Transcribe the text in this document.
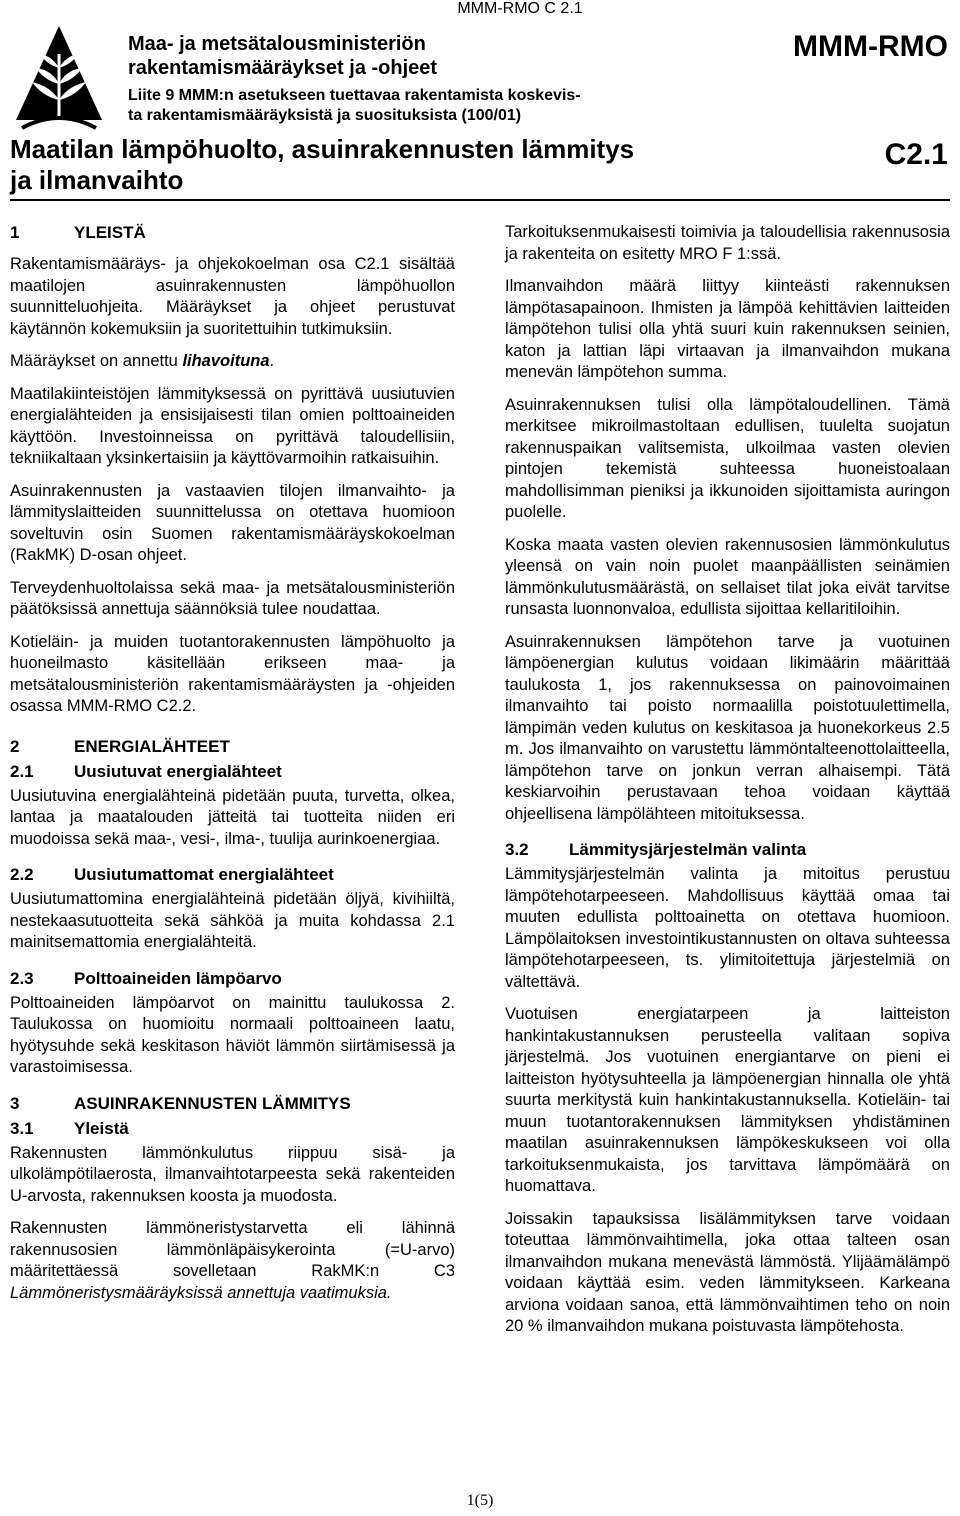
MMM-RMO C 2.1
Maa- ja metsätalousministeriön
rakentamismääräykset ja -ohjeet
Liite 9 MMM:n asetukseen tuettavaa rakentamista koskevis-
ta rakentamismääräyksistä ja suosituksista (100/01)
MMM-RMO
C2.1
Maatilan lämpöhuolto, asuinrakennusten lämmitys
ja ilmanvaihto
1	YLEISTÄ

Rakentamismääräys- ja ohjekokoelman osa C2.1 sisältää maatilojen asuinrakennusten lämpöhuollon suunnitteluohjeita. Määräykset ja ohjeet perustuvat käytännön kokemuksiin ja suoritettuihin tutkimuksiin.

Määräykset on annettu lihavoituna.

Maatilakiinteistöjen lämmityksessä on pyrittävä uusiutuvien energialähteiden ja ensisijaisesti tilan omien polttoaineiden käyttöön. Investoinneissa on pyrittävä taloudellisiin, tekniikaltaan yksinkertaisiin ja käyttövarmoihin ratkaisuihin.

Asuinrakennusten ja vastaavien tilojen ilmanvaihto- ja lämmityslaitteiden suunnittelussa on otettava huomioon soveltuvin osin Suomen rakentamismääräyskokoelman (RakMK) D-osan ohjeet.

Terveydenhuoltolaissa sekä maa- ja metsätalousministeriön päätöksissä annettuja säännöksiä tulee noudattaa.

Kotieläin- ja muiden tuotantorakennusten lämpöhuolto ja huoneilmasto käsitellään erikseen maa- ja metsätalousministeriön rakentamismääräysten ja -ohjeiden osassa MMM-RMO C2.2.

2	ENERGIALÄHTEET
2.1 Uusiutuvat energialähteet

Uusiutuvina energialähteinä pidetään puuta, turvetta, olkea, lantaa ja maatalouden jätteitä tai tuotteita niiden eri muodoissa sekä maa-, vesi-, ilma-, tuulija aurinkoenergiaa.

2.2 Uusiutumattomat energialähteet

Uusiutumattomina energialähteinä pidetään öljyä, kivihiiltä, nestekaasutuotteita sekä sähköä ja muita kohdassa 2.1 mainitsemattomia energialähteitä.

2.3 Polttoaineiden lämpöarvo

Polttoaineiden lämpöarvot on mainittu taulukossa 2. Taulukossa on huomioitu normaali polttoaineen laatu, hyötysuhde sekä keskitason häviöt lämmön siirtämisessä ja varastoimisessa.

3	ASUINRAKENNUSTEN LÄMMITYS
3.1 Yleistä

Rakennusten lämmönkulutus riippuu sisä- ja ulkolämpötilaerosta, ilmanvaihtotarpeesta sekä rakenteiden U-arvosta, rakennuksen koosta ja muodosta.

Rakennusten lämmöneristystarvetta eli lähinnä rakennusosien lämmönläpäisykerointa (=U-arvo) määritettäessä sovelletaan RakMK:n C3 Lämmöneristysmääräyksissä annettuja vaatimuksia.

Tarkoituksenmukaisesti toimivia ja taloudellisia rakennusosia ja rakenteita on esitetty MRO F 1:ssä.

Ilmanvaihdon määrä liittyy kiinteästi rakennuksen lämpötasapainoon. Ihmisten ja lämpöä kehittävien laitteiden lämpötehon tulisi olla yhtä suuri kuin rakennuksen seinien, katon ja lattian läpi virtaavan ja ilmanvaihdon mukana menevän lämpötehon summa.

Asuinrakennuksen tulisi olla lämpötaloudellinen. Tämä merkitsee mikroilmastoltaan edullisen, tuulelta suojatun rakennuspaikan valitsemista, ulkoilmaa vasten olevien pintojen tekemistä suhteessa huoneistoalaan mahdollisimman pieniksi ja ikkunoiden sijoittamista auringon puolelle.

Koska maata vasten olevien rakennusosien lämmönkulutus yleensä on vain noin puolet maanpäällisten seinämien lämmönkulutusmäärästä, on sellaiset tilat joka eivät tarvitse runsasta luonnonvaloa, edullista sijoittaa kellaritiloihin.

Asuinrakennuksen lämpötehon tarve ja vuotuinen lämpöenergian kulutus voidaan likimäärin määrittää taulukosta 1, jos rakennuksessa on painovoimainen ilmanvaihto tai poisto normaalilla poistotuulettimella, lämpimän veden kulutus on keskitasoa ja huonekorkeus 2.5 m. Jos ilmanvaihto on varustettu lämmöntalteenottolaitteella, lämpötehon tarve on jonkun verran alhaisempi. Tätä keskiarvoihin perustavaan tehoa voidaan käyttää ohjeellisena lämpölähteen mitoituksessa.

3.2 Lämmitysjärjestelmän valinta

Lämmitysjärjestelmän valinta ja mitoitus perustuu lämpötehotarpeeseen. Mahdollisuus käyttää omaa tai muuten edullista polttoainetta on otettava huomioon. Lämpölaitoksen investointikustannusten on oltava suhteessa lämpötehotarpeeseen, ts. ylimitoitettuja järjestelmiä on vältettävä.

Vuotuisen energiatarpeen ja laitteiston hankintakustannuksen perusteella valitaan sopiva järjestelmä. Jos vuotuinen energiantarve on pieni ei laitteiston hyötysuhteella ja lämpöenergian hinnalla ole yhtä suurta merkitystä kuin hankintakustannuksella. Kotieläin- tai muun tuotantorakennuksen lämmityksen yhdistäminen maatilan asuinrakennuksen lämpökeskukseen voi olla tarkoituksenmukaista, jos tarvittava lämpömäärä on huomattava.

Joissakin tapauksissa lisälämmityksen tarve voidaan toteuttaa lämmönvaihtimella, joka ottaa talteen osan ilmanvaihdon mukana menevästä lämmöstä. Ylijäämälämpö voidaan käyttää esim. veden lämmitykseen. Karkeana arviona voidaan sanoa, että lämmönvaihtimen teho on noin 20 % ilmanvaihdon mukana poistuvasta lämpötehosta.

1(5)
